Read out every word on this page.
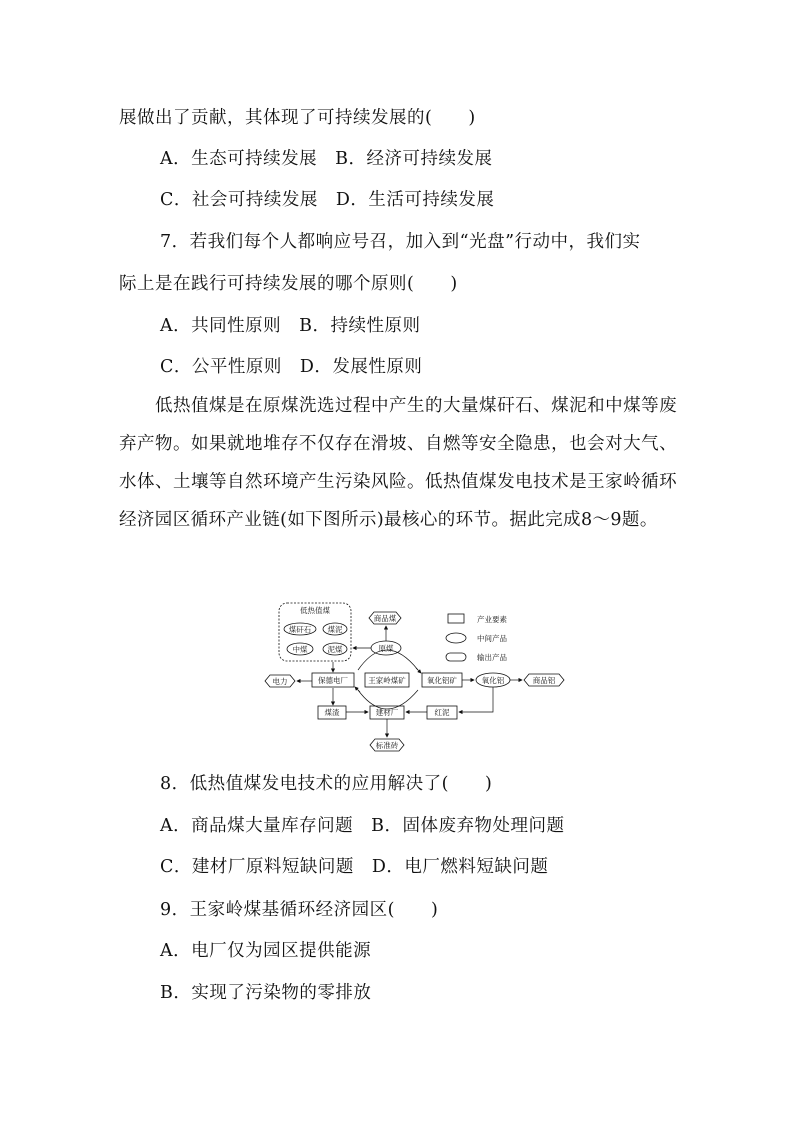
展做出了贡献，其体现了可持续发展的(　　)
A．生态可持续发展　B．经济可持续发展
C．社会可持续发展　D．生活可持续发展
7．若我们每个人都响应号召，加入到“光盘”行动中，我们实
际上是在践行可持续发展的哪个原则(　　)
A．共同性原则　B．持续性原则
C．公平性原则　D．发展性原则
　　低热值煤是在原煤洗选过程中产生的大量煤矸石、煤泥和中煤等废弃产物。如果就地堆存不仅存在滑坡、自燃等安全隐患，也会对大气、水体、土壤等自然环境产生污染风险。低热值煤发电技术是王家岭循环经济园区循环产业链(如下图所示)最核心的环节。据此完成8～9题。
低热值煤
煤矸石 煤泥
中煤	泥煤
商品煤
原煤
产业要素
中间产品
输出产品
电力	保德电厂	王家岭煤矿	氧化铝矿	氧化铝	商品铝
煤渣	建材厂	红泥
标准砖
8．低热值煤发电技术的应用解决了(　　)
A．商品煤大量库存问题　B．固体废弃物处理问题
C．建材厂原料短缺问题　D．电厂燃料短缺问题
9．王家岭煤基循环经济园区(　　)
A．电厂仅为园区提供能源
B．实现了污染物的零排放
